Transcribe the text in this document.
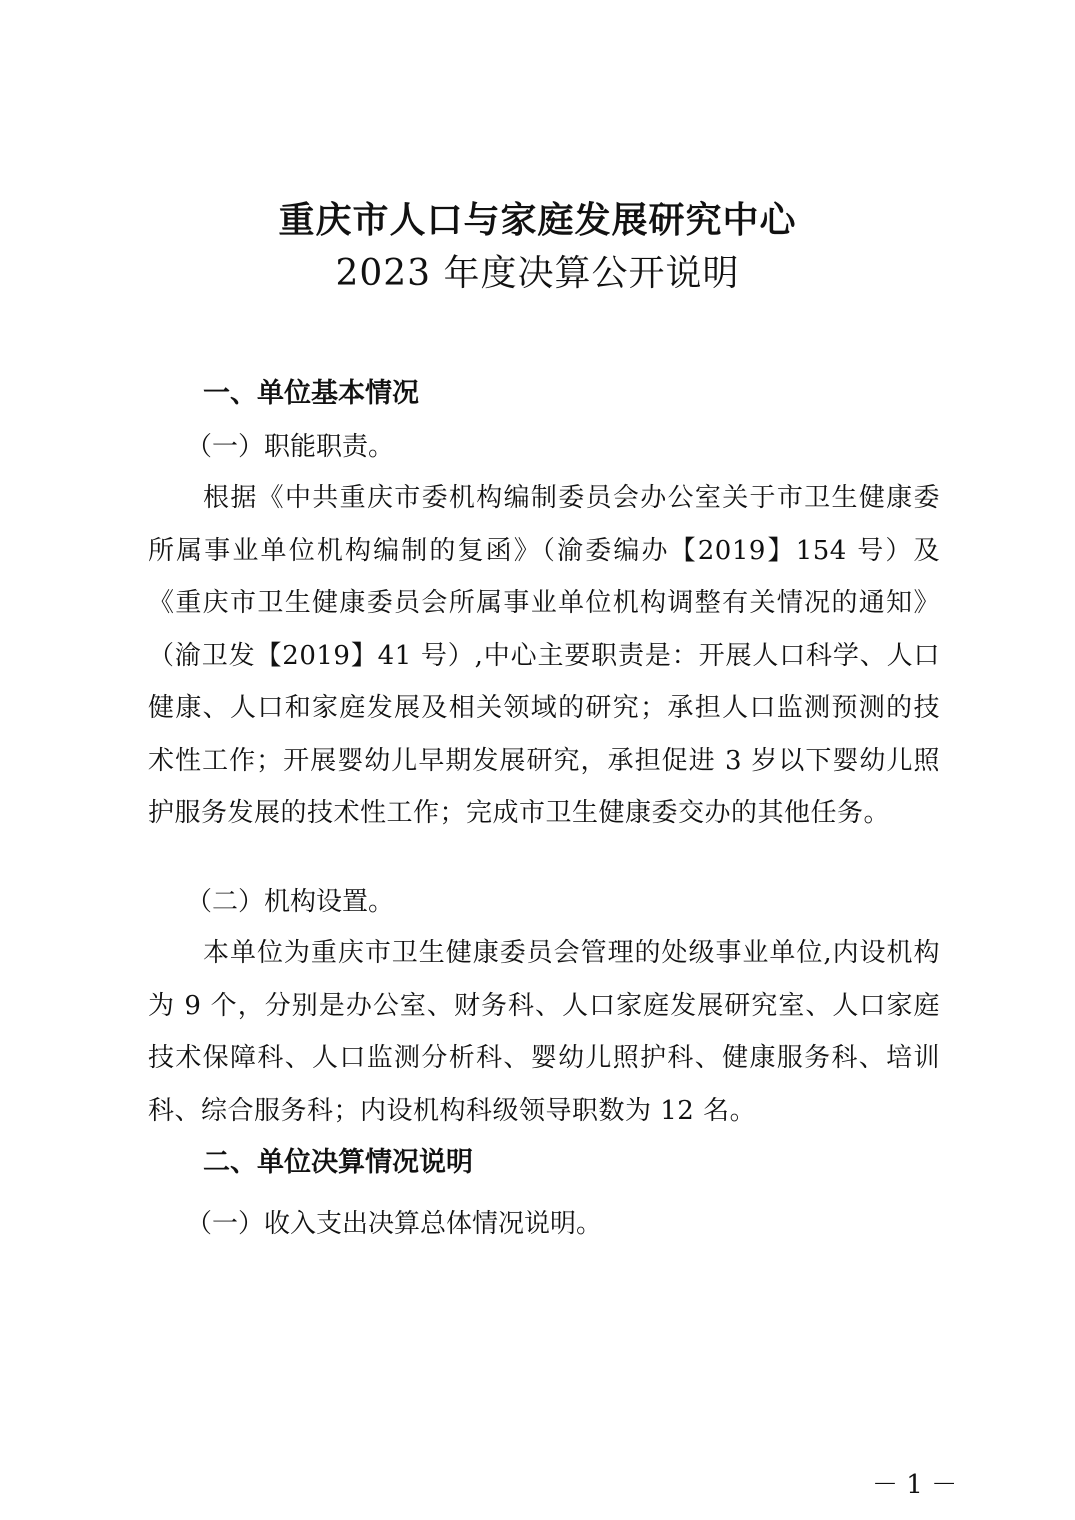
重庆市人口与家庭发展研究中心
2023 年度决算公开说明
一、单位基本情况
（一）职能职责。
根据《中共重庆市委机构编制委员会办公室关于市卫生健康委所属事业单位机构编制的复函》（渝委编办【2019】154 号）及《重庆市卫生健康委员会所属事业单位机构调整有关情况的通知》（渝卫发【2019】41 号）,中心主要职责是：开展人口科学、人口健康、人口和家庭发展及相关领域的研究；承担人口监测预测的技术性工作；开展婴幼儿早期发展研究，承担促进 3 岁以下婴幼儿照护服务发展的技术性工作；完成市卫生健康委交办的其他任务。
（二）机构设置。
本单位为重庆市卫生健康委员会管理的处级事业单位,内设机构为 9 个，分别是办公室、财务科、人口家庭发展研究室、人口家庭技术保障科、人口监测分析科、婴幼儿照护科、健康服务科、培训科、综合服务科；内设机构科级领导职数为 12 名。
二、单位决算情况说明
（一）收入支出决算总体情况说明。
－ 1 －
